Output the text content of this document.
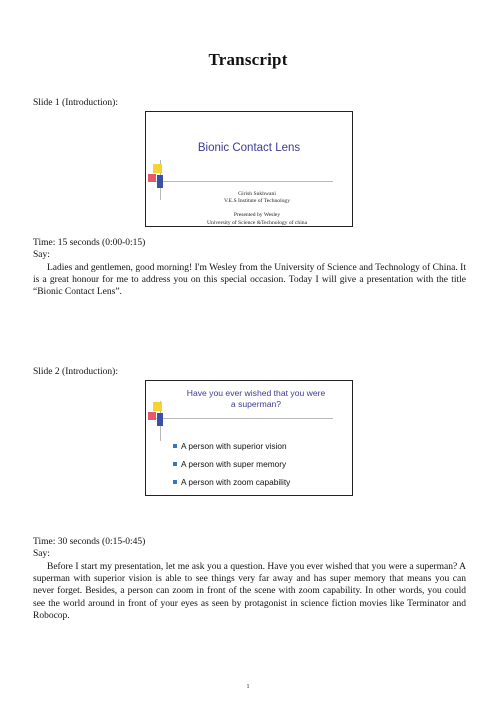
Transcript
Slide 1 (Introduction):
Bionic Contact Lens
Girish Sukhwani
V.E.S Institute of Technology
Presented by Wesley
University of Science &Technology of china
Time: 15 seconds (0:00-0:15)
Say:

Ladies and gentlemen, good morning! I'm Wesley from the University of Science and Technology of China. It is a great honour for me to address you on this special occasion. Today I will give a presentation with the title “Bionic Contact Lens”.

Slide 2 (Introduction):
Have you ever wished that you were
a superman?
A person with superior vision
A person with super memory
A person with zoom capability
Time: 30 seconds (0:15-0:45)
Say:

Before I start my presentation, let me ask you a question. Have you ever wished that you were a superman? A superman with superior vision is able to see things very far away and has super memory that means you can never forget. Besides, a person can zoom in front of the scene with zoom capability. In other words, you could see the world around in front of your eyes as seen by protagonist in science fiction movies like Terminator and Robocop.

1
